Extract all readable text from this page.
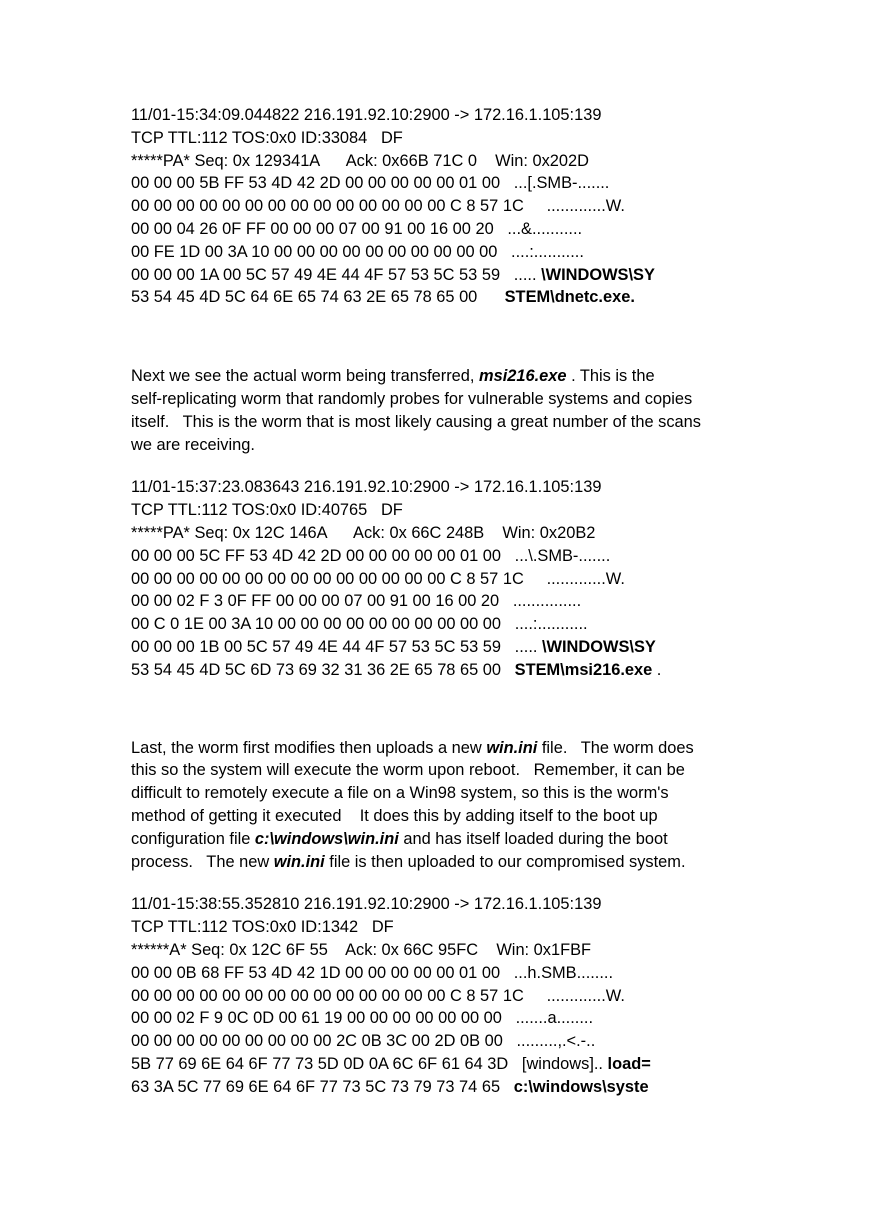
11/01-15:34:09.044822 216.191.92.10:2900 -> 172.16.1.105:139
TCP TTL:112 TOS:0x0 ID:33084   DF
*****PA* Seq: 0x 129341A      Ack: 0x66B 71C 0    Win: 0x202D
00 00 00 5B FF 53 4D 42 2D 00 00 00 00 00 01 00   ...[.SMB-.......
00 00 00 00 00 00 00 00 00 00 00 00 00 00 C 8 57 1C     .............W.
00 00 04 26 0F FF 00 00 00 07 00 91 00 16 00 20   ...&...........
00 FE 1D 00 3A 10 00 00 00 00 00 00 00 00 00 00   ....:...........
00 00 00 1A 00 5C 57 49 4E 44 4F 57 53 5C 53 59   ..... \WINDOWS\SY
53 54 45 4D 5C 64 6E 65 74 63 2E 65 78 65 00      STEM\dnetc.exe.
Next we see the actual worm being transferred, msi216.exe . This is the
self-replicating worm that randomly probes for vulnerable systems and copies
itself.   This is the worm that is most likely causing a great number of the scans
we are receiving.
11/01-15:37:23.083643 216.191.92.10:2900 -> 172.16.1.105:139
TCP TTL:112 TOS:0x0 ID:40765   DF
*****PA* Seq: 0x 12C 146A      Ack: 0x 66C 248B    Win: 0x20B2
00 00 00 5C FF 53 4D 42 2D 00 00 00 00 00 01 00   ...\.SMB-.......
00 00 00 00 00 00 00 00 00 00 00 00 00 00 C 8 57 1C     .............W.
00 00 02 F 3 0F FF 00 00 00 07 00 91 00 16 00 20   ...............
00 C 0 1E 00 3A 10 00 00 00 00 00 00 00 00 00 00   ....:...........
00 00 00 1B 00 5C 57 49 4E 44 4F 57 53 5C 53 59   ..... \WINDOWS\SY
53 54 45 4D 5C 6D 73 69 32 31 36 2E 65 78 65 00   STEM\msi216.exe .
Last, the worm first modifies then uploads a new win.ini file.   The worm does
this so the system will execute the worm upon reboot.   Remember, it can be
difficult to remotely execute a file on a Win98 system, so this is the worm's
method of getting it executed    It does this by adding itself to the boot up
configuration file c:\windows\win.ini and has itself loaded during the boot
process.   The new win.ini file is then uploaded to our compromised system.
11/01-15:38:55.352810 216.191.92.10:2900 -> 172.16.1.105:139
TCP TTL:112 TOS:0x0 ID:1342   DF
******A* Seq: 0x 12C 6F 55    Ack: 0x 66C 95FC    Win: 0x1FBF
00 00 0B 68 FF 53 4D 42 1D 00 00 00 00 00 01 00   ...h.SMB........
00 00 00 00 00 00 00 00 00 00 00 00 00 00 C 8 57 1C     .............W.
00 00 02 F 9 0C 0D 00 61 19 00 00 00 00 00 00 00   .......a........
00 00 00 00 00 00 00 00 00 2C 0B 3C 00 2D 0B 00   .........,.<.-..
5B 77 69 6E 64 6F 77 73 5D 0D 0A 6C 6F 61 64 3D   [windows].. load=
63 3A 5C 77 69 6E 64 6F 77 73 5C 73 79 73 74 65   c:\windows\syste
